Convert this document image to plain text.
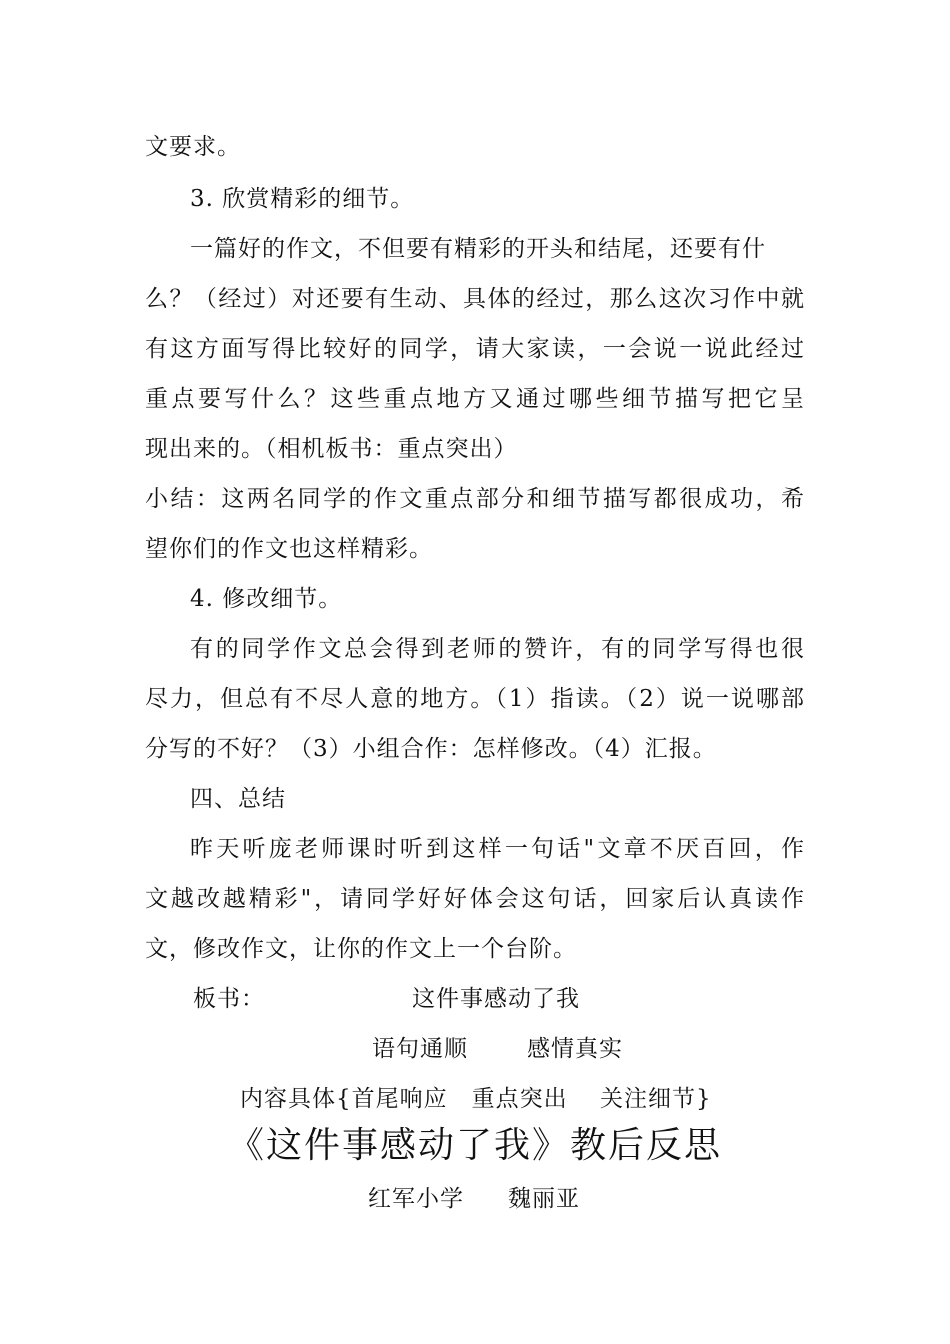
文要求。
3. 欣赏精彩的细节。
一篇好的作文，不但要有精彩的开头和结尾，还要有什
么？（经过）对还要有生动、具体的经过，那么这次习作中就
有这方面写得比较好的同学，请大家读，一会说一说此经过
重点要写什么？这些重点地方又通过哪些细节描写把它呈
现出来的。（相机板书：重点突出）
小结：这两名同学的作文重点部分和细节描写都很成功，希
望你们的作文也这样精彩。
4. 修改细节。
有的同学作文总会得到老师的赞许，有的同学写得也很
尽力，但总有不尽人意的地方。（1）指读。（2）说一说哪部
分写的不好？（3）小组合作：怎样修改。（4）汇报。
四、总结
昨天听庞老师课时听到这样一句话"文章不厌百回，作
文越改越精彩"，请同学好好体会这句话，回家后认真读作
文，修改作文，让你的作文上一个台阶。
板书：	这件事感动了我
语句通顺	感情真实
内容具体{首尾响应　重点突出　 关注细节}
《这件事感动了我》教后反思
红军小学	魏丽亚
